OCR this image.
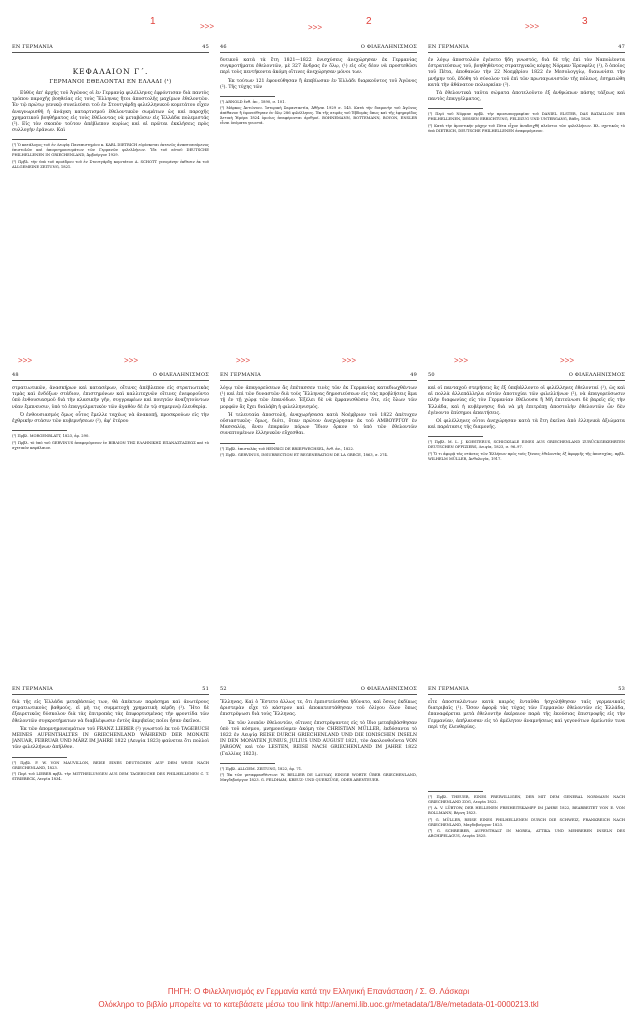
1	2	3
>>>
>>>	>>>
>>>	>>>	>>>	>>>	>>>	>>>
ΕΝ ΓΕΡΜΑΝΙΑ	45
ΚΕΦΑΛΑΙΟΝ Γ΄.
ΓΕΡΜΑΝΟΙ ΕΘΕΛΟΝΤΑΙ ΕΝ ΕΛΛΑΔΙ (¹)

Εὐθὺς ἀπ' ἀρχῆς τοῦ Ἀγῶνος οἱ ἐν Γερμανίᾳ φιλέλληνες ἐφρόντισαν διὰ παντὸς τρόπου παροχῆς βοηθείας εἰς τοὺς Ἕλληνας ἤτοι ἀποστολῆς μαχίμων ἐθελοντῶν. Ἐν τῷ πρώτῳ γενικῷ συνελεύσει τοῦ ἐν Στουτγάρδῃ φιλελληνικοῦ κομιτάτου εἶχεν ἀναγνωρισθῆ ἡ ἀνάγκη καταρτισμοῦ ἐθελοντικῶν σωμάτων ὡς καὶ παροχῆς χρηματικοῦ βοηθήματος εἰς τοὺς ἐθέλοντας νὰ μεταβῶσιν εἰς Ἑλλάδα πολεμιστάς (²). Εἰς τὸν σκοπὸν τοῦτον ἀπέβλεπον κυρίως καὶ αἱ πρῶται ἐκκλήσεις πρὸς συλλογὴν ἐράνων. Καὶ

(¹) Ὁ κατάλογος τοῦ ἐν Λειψίᾳ Πανεπιστημίου κ. KARL DIETRICH εὑρίσκεται ἐκτενῶς ἀναπτυσσόμενος ἐπιστολῶν καὶ ἀπομνημονευμάτων τῶν Γερμανῶν φιλελλήνων. Ἴδε τοῦ αὐτοῦ DEUTSCHE PHILHELLENEN IN GRIECHENLAND, Ἀμβούργον 1929.

(²) Πρβλ. τὴν ὑπὸ τοῦ προέδρου τοῦ ἐν Στουτγάρδῃ κομιτάτου A. SCHOTT γενομένην ἐκθεσιν ἐκ τοῦ ALLGEMEINE ZEITUNG, 1821.

46	Ο ΦΙΛΕΛΛΗΝΙΣΜΟΣ

δυτικοῦ κατὰ τὰ ἔτη 1821—1822 ἐνισχύσεις ἀνεχώρησαν ἐκ Γερμανίας συγκροτήματα ἐθελοντῶν, μὲ 327 ἄνδρας ἐν ὅλῳ, (¹) εἰς οὓς δέον νὰ προστεθῶσι περὶ τοὺς πεντήκοντα ἀκόμη οἵτινες ἀνεχώρησαν μόνοι των.

Ἐκ τούτων 121 ἐφονεύθησαν ἢ ἀπεβίωσαν ἐν Ἑλλάδι διαρκοῦντος τοῦ Ἀγῶνος (²). Τῆς τύχης τῶν

(¹) ARNOLD ἔνθ. ἀν., 1890, σ. 101.

(²) Μάρκος Ἀντώνιου. Ἱστορικὴ Σαρανταετία, Ἀθῆναι 1929 σ. 145. Κατὰ τὴν διαμονὴν τοῦ Ἀγῶνος ἀπέθανον ἢ ἐφονεύθησαν ἐν ὅλῳ 286 φιλέλληνες. Ἐκ τῆς σειρᾶς τοῦ Ἑβδομὰς ὅπως καὶ τῆς ἐφημερίδος Ἀττικὴ Ἡμέρα 1824 ὁμοίως ἀναφέρονται ἀριθμοί. BOHNEMANN, BOTTEMANN, BOYON, ENSLER εἶναι ὀνόματα γνωστά.

ΕΝ ΓΕΡΜΑΝΙΑ	47

ἐν λόγῳ ἀποστολῶν ἐγένετο ἤδη γνωστός, διὰ δὲ τῆς ἐπὶ τὸν Ναπολέοντα ἐστρατεύσεως τοῦ, βοηθηθέντος στρατηγικῶς κόμης Νόρμαν Ἐρενφέλς (¹), ὅ ὁποῖος τοῦ Πέτα, ἀποθανὼν τὴν 22 Νοεμβρίου 1822 ἐν Μεσολογγίῳ, διαιωνίσει τὴν μνήμην τοῦ, ἐδόθη τὸ σύνολον τοῦ ἐπὶ τῶν πρωταγωνιστῶν τῆς πόλεως, ἐσημειώθη κατὰ τὴν ἀθάνατον πολιορκίαν (²).

Τὰ ἐθελοντικὰ ταῦτα σώματα ἀποτελοῦντο ἐξ ἀνθρώπων πάσης τάξεως καὶ παντὸς ἐπαγγέλματος,

(¹) Περὶ τοῦ Νόρμαν πρβλ. τὴν προσωπογραφίαν τοῦ DANIEL ELSTER, DAS BATAILLON DER PHILHELLENEN, DESSEN ERRICHTUNG, FELDZUG UND UNTERGANG, Βάδη, 1828.

(²) Κατὰ τὴν ἀμυντικὴν μάχην τοῦ Πέτα εἶχον ἀναδειχθῆ πλεῖστοι τῶν φιλελλήνων. Βλ. σχετικῶς τὸ ὑπὸ DIETRICH, DEUTSCHE PHILHELLENEN ἀναφερόμενον.

48	Ο ΦΙΛΕΛΛΗΝΙΣΜΟΣ

στρατιωτικῶν, ἀνασκήρων καὶ κατασέρων, οἵτινες ἀπέβλεπον εἰς στρατιωτικὰς τιμὰς καὶ ἐνδόξων στάδιον, ἐπιστημόνων καὶ καλλιτεχνῶν οἵτινες ἐνεφοροῦντο ὑπὸ ἐνθουσιασμοῦ διὰ τὴν κλασικὴν γῆν, συγγραφέων καὶ ποιητῶν ἀναζητούντων νέαν ἔμπνευσιν, ὑπὸ τὸ ἐπαγγελματικὸν τῶν ἀγαθὸν δὲ ἐν τῷ σημερινῷ ἐλευθερίᾳ.

Ὁ ἐνθουσιασμός ὅμως οὗτος ἔμελλε ταχέως νὰ ἀνακοπῇ, προσκρούων εἰς τὴν ἐχθρικὴν στάσιν τῶν κυβερνήσεων (²), ἀφ' ἑτέρου

(¹) Πρβλ. MORGENBLATT, 1823, ἀρ. 290.

(²) Πρβλ. τὸ ὑπὸ τοῦ GERVINUS ἀναφερόμενον ἐν ΒΙΒΛΙΟΝ ΤΗΣ ΕΛΛΗΝΙΚΗΣ ΕΠΑΝΑΣΤΑΣΕΩΣ καὶ τὸ σχετικὸν κεφάλαιον.

ΕΝ ΓΕΡΜΑΝΙΑ	49

λόγῳ τῶν ἀπαγορεύσεων ἃς ἐπέτασσεν τινὲς τῶν ἐκ Γερμανίας καταδιωχθέντων (¹) καὶ ἐπὶ τῶν δυναστῶν διὰ τοὺς Ἕλληνας δημοσιεύσεων εἰς τὰς προβλήσεις ἅμα τῇ ἐν τῇ χώρᾳ τῶν ἐπανόδων. Ἐξέλει δὲ νὰ ἐμφανισθῶσιν ὅτε, εἰς ὅλων τῶν μορφῶν ἃς ἔχει διαλάβη ἡ φιλελληνισμός.

Ἡ τελευταία ἀποστολή, ἀναχωρήσασα κατὰ Νοέμβριον τοῦ 1822 ἀπέτυχεν οὐσιαστικῶς· ὅμως, διότι, ὅταν πρώτον ἀνεχώρησαν ἐκ τοῦ ΑΜΒΟΥΡΓΟΥ ἐν Μασσαλίᾳ, ἄνευ ἐπαρκῶν πόρων Ἴδιον ὅρκον τὸ ὑπὸ τῶν ἐθελοντῶν συνεπτομένων ἐλληνικῶν εὔχεσθαι.

(¹) Πρβλ. ἐπιστολὰς τοῦ HENRICI DE BRIEFWECHSEL, ἔνθ. ἀν., 1822.

(²) Πρβλ. GERVINUS, INSURRECTION ET REGENERATION DE LA GRECE, 1863, σ. 274.

50	Ο ΦΙΛΕΛΛΗΝΙΣΜΟΣ

καὶ οἱ πανταχοῦ στερήσεις ἃς ἐξ ὑπεβάλλοντο οἱ φιλέλληνες ἐθελονταί (¹), ὡς καὶ αἱ πολλὰ ἀλλεπάλληλα αὐτῶν ἀποτυχίαι τῶν φιλελλήνων (²), νὰ ἀπαγορεύσωσιν πλὴν διαφωνίας εἰς τὸν Γερμανίαν ἐθέλουσα ἢ Μῆ ἐπιτείνωσι δὲ βαρεῖς εἰς τὴν Ἑλλάδα, καὶ ἡ κυβέρνησις διὰ νὰ μὴ ἐπιτρέπῃ ἀποστολὴν ἐθελοντῶν ὧν δὲν ἐγένοντο ἐπίσημοι ἀπαιτήσεις.

Οἱ φιλέλληνες οὗτοι ἀνεχώρησαν κατὰ τὰ ἔτη ἐκεῖνα ἀπὸ ἑλληνικὰ ἀξιώματα καὶ παράτασις τῆς διαμονῆς.

(¹) Πρβλ. M. L. J. KOESTERUS, SCHICKSALE EINES AUS GRIECHENLAND ZURÜCKGEKEHRTEN DEUTSCHEN OFFIZIERS, Λειψία, 1823, σ. 96–97.

(²) Ὅ τι ἀφορᾷ τὰς στάσεις τῶν Ἑλλήνων πρὸς τοὺς ξένους ἐθελοντὰς ἐξ ἀφορμῆς τῆς ἀποτυχίας, πρβλ. WILHELM MÜLLER, Ἀνθολογία, 1917.

ΕΝ ΓΕΡΜΑΝΙΑ	51

διὰ τῆς εἰς Ἑλλάδα μεταβάσεώς των, θὰ ἀπέκτων παράσημα καὶ ἀνωτέρους στρατιωτικοὺς βαθμούς, εἰ μὴ τις συμμετοχὴ χρηματικὴ κέρδη (¹). Ἤτο δὲ ἐξαιρετικῶς δύσκολον διὰ τὰς ἐπιτροπὰς τὰς ἐπιφορτισμένας τὴν φροντίδα τῶν ἐθελοντῶν συγκροτήματων νὰ διαβλέψωσιν ἐντὸς ἀκριβείας ποῖοι ἦσαν ἐκεῖνοι.

Ἐκ τῶν ἀπομνημονευμάτων τοῦ FRANZ LIEBER (²) γνωστοῦ ἐκ τοῦ TAGEBUCH MEINES AUFENTHALTES IN GRIECHENLAND WÄHREND DER MONATE JANUAR, FEBRUAR UND MÄRZ IM JAHRE 1822 (Λειψία 1823) φαίνεται ὅτι πολλοὶ τῶν φιλελλήνων ἀπήλθον.

(¹) Πρβλ. F. W. VON MAUVILLON, REISE EINES DEUTSCHEN AUF DEM WEGE NACH GRIECHENLAND, 1823.

(²) Περὶ τοῦ LIEBER πρβλ. τὴν MITTHEILUNGEN AUS DEM TAGEBUCHE DES PHILHELLENEN C. T. STRIEBECK, Λειψία 1834.

52	Ο ΦΙΛΕΛΛΗΝΙΣΜΟΣ

Ἕλληνας. Καὶ ὁ Ἕστετο ἀλλως τε, ὅτι ἐμπιστεύεσθαι ἠδύνατο, καὶ ὅσοις ἐκδίκως ἀριστερὰν εἶχε τὸ κάστρον καὶ ἀποκατεστάθησαν τοῦ ὀλίγου ὅλον ὅπως ἐπιστρέψωσι διὰ τοὺς Ἕλληνας.

Ἐκ τῶν λοιπῶν ἐθελοντῶν, οἵτινες ἐπιστρέψαντες εἰς τὸ ἴδιο μεταβιβάσθησαν ὑπὸ τοῦ κόσμου, μνημονεύομεν ἀκόμη τὸν CHRISTIAN MÜLLER, ἐκδόσαντα τὸ 1822 ἐν Λειψίᾳ REISE DURCH GRIECHENLAND UND DIE IONISCHEN INSELN IN DEN MONATEN JUNIUS, JULIUS UND AUGUST 1821, τὸν ἀκολουθοῦντα VON JARGOW, καὶ τὸν LESTEN, REISE NACH GRIECHENLAND IM JAHRE 1822 (Γαλλίας 1823).

(¹) Πρβλ. ALLGEM. ZEITUNG, 1822, ἀρ. 71.

(²) Ἐκ τῶν μεταφρασθέντων: W. BELLIER DE LAUNAY, EINIGE WORTE ÜBER GRIECHENLAND, Μαγδεβούργον 1823. G. FELDHAM, KREUZ- UND QUERZÜGE, ODER ABENTEUER.

ΕΝ ΓΕΡΜΑΝΙΑ	53

εἶτε ἀποσταλέντων κατὰ καιρὸς ἐνταῦθα ἠσχολήθησαν ταῖς γερμανικαῖς διατριβαῖς (¹). Ὅσον ἀφορᾷ τὰς τύχας τῶν Γερμανῶν ἐθελοντῶν εἰς Ἑλλάδα, ἐπαναφέρεται μετὰ ἐθελοντὴν ἀκέραιον παρὰ τῆς ἑκούσιας ἐπιστροφῆς εἰς τὴν Γερμανίαν, ἀπήλαυσαν εἰς τὸ ἀμέλητον ἀναμνήσεως καὶ γεγονότων ἀμείωτόν τινα περὶ τῆς ἐλευθερίας.

(¹) Πρβλ. THEUER, EINES FREIWILLIGEN, DER MIT DEM GENERAL NORMANN NACH GRIECHENLAND ZOG, Λειψία 1822.

(²) A. V. LÜBTOW, DER HELLENEN FREIHEITSKAMPF IM JAHRE 1822, BEARBEITET VON E. VON BOLLMANN, Βέρνη 1823.

(³) G. MÜLLER, REISE EINES PHILHELLENEN DURCH DIE SCHWEIZ, FRANKREICH NACH GRIECHENLAND, Μαγδεβούργον 1823.

(⁴) G. SCHREIBER, AUFENTHALT IN MOREA, ATTIKA UND MEHREREN INSELN DES ARCHIPELAGUS, Λειψία 1825.

ΠΗΓΗ: Ο Φιλελληνισμός εν Γερμανία κατά την Ελληνική Επανάσταση / Σ. Θ. Λάσκαρι
Ολόκληρο το βιβλίο μπορείτε να το κατεβάσετε μέσω του link http://anemi.lib.uoc.gr/metadata/1/8/e/metadata-01-0000213.tkl
